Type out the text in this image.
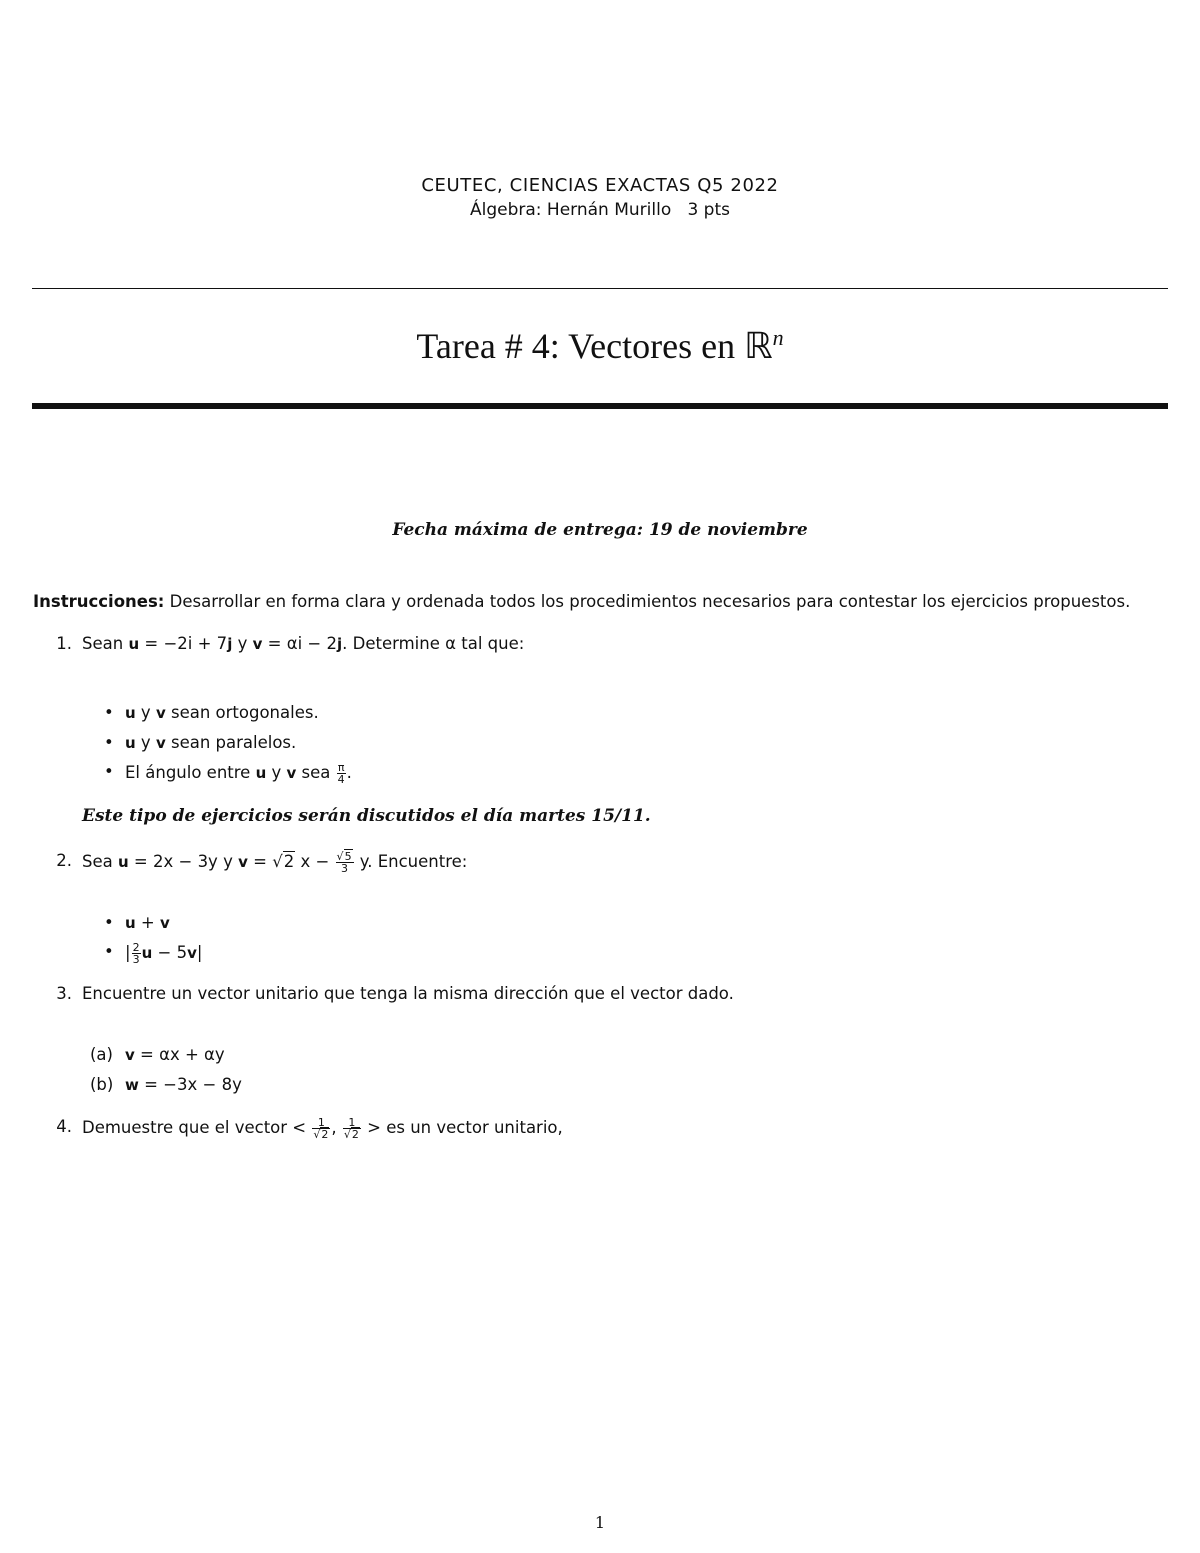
CEUTEC, CIENCIAS EXACTAS Q5 2022
Álgebra: Hernán Murillo   3 pts
Tarea # 4: Vectores en ℝ$^n$
Fecha máxima de entrega: 19 de noviembre
Instrucciones: Desarrollar en forma clara y ordenada todos los procedimientos necesarios para contestar los ejercicios propuestos.
1. Sean u = −2i + 7j y v = αi − 2j. Determine α tal que:
• u y v sean ortogonales.
• u y v sean paralelos.
• El ángulo entre u y v sea $\frac{\pi}{4}$ .
Este tipo de ejercicios serán discutidos el día martes 15/11.
2. Sea u = 2x − 3y y v = √2 $x - \frac{√5}{3} y$. Encuentre:
• u + v
• | $\frac{2}{3}$ u − 5v|
3. Encuentre un vector unitario que tenga la misma dirección que el vector dado.
(a) v = αx + αy
(b) w = −3x − 8y
4. Demuestre que el vector < $\frac{1}{√2}$ , $\frac{1}{√2}$ > es un vector unitario,
1
